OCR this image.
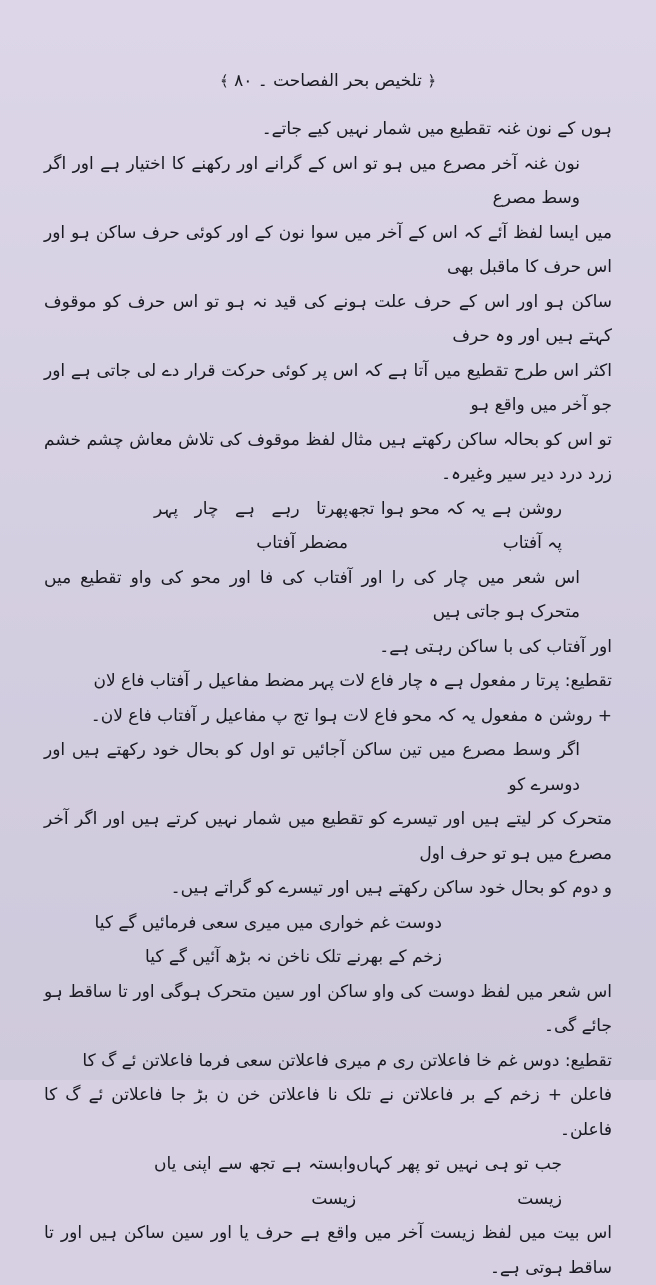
﴿ تلخیص بحر الفصاحت ۔ ۸۰ ﴾

ہوں کے نون غنہ تقطیع میں شمار نہیں کیے جاتے۔

نون غنہ آخر مصرع میں ہو تو اس کے گرانے اور رکھنے کا اختیار ہے اور اگر وسط مصرع

میں ایسا لفظ آئے کہ اس کے آخر میں سوا نون کے اور کوئی حرف ساکن ہو اور اس حرف کا ماقبل بھی

ساکن ہو اور اس کے حرف علت ہونے کی قید نہ ہو تو اس حرف کو موقوف کہتے ہیں اور وہ حرف

اکثر اس طرح تقطیع میں آتا ہے کہ اس پر کوئی حرکت قرار دے لی جاتی ہے اور جو آخر میں واقع ہو

تو اس کو بحالہ ساکن رکھتے ہیں مثال لفظ موقوف کی تلاش معاش چشم خشم زرد درد دیر سیر وغیرہ۔

روشن ہے یہ کہ محو ہوا تجھ پہ آفتاب
پھرتا رہے ہے چار پہر مضطر آفتاب

اس شعر میں چار کی را اور آفتاب کی فا اور محو کی واو تقطیع میں متحرک ہو جاتی ہیں

اور آفتاب کی با ساکن رہتی ہے۔

تقطیع: پرتا ر مفعول ہے ہ چار فاع لات پہر مضط مفاعیل ر آفتاب فاع لان

+ روشن ہ مفعول یہ کہ محو فاع لات ہوا تج پ مفاعیل ر آفتاب فاع لان۔

اگر وسط مصرع میں تین ساکن آجائیں تو اول کو بحال خود رکھتے ہیں اور دوسرے کو

متحرک کر لیتے ہیں اور تیسرے کو تقطیع میں شمار نہیں کرتے ہیں اور اگر آخر مصرع میں ہو تو حرف اول

و دوم کو بحال خود ساکن رکھتے ہیں اور تیسرے کو گراتے ہیں۔

دوست غم خواری میں میری سعی فرمائیں گے کیا

زخم کے بھرنے تلک ناخن نہ بڑھ آئیں گے کیا

اس شعر میں لفظ دوست کی واو ساکن اور سین متحرک ہوگی اور تا ساقط ہو جائے گی۔

تقطیع: دوس غم خا فاعلاتن ری م میری فاعلاتن سعی فرما فاعلاتن ئے گ کا

فاعلن + زخم کے بر فاعلاتن نے تلک نا فاعلاتن خن ن بڑ جا فاعلاتن ئے گ کا فاعلن۔

جب تو ہی نہیں تو پھر کہاں زیست
وابستہ ہے تجھ سے اپنی یاں زیست

اس بیت میں لفظ زیست آخر میں واقع ہے حرف یا اور سین ساکن ہیں اور تا ساقط ہوتی ہے۔
